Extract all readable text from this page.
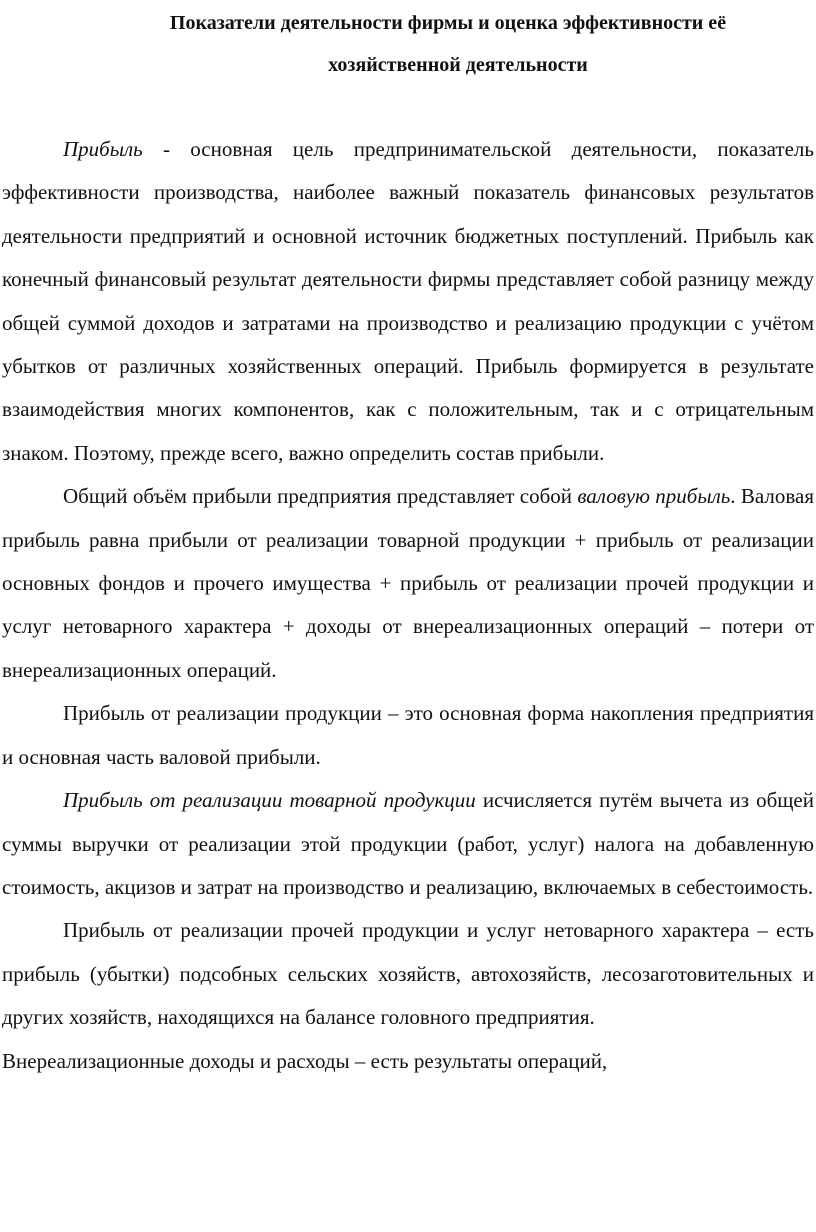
Показатели деятельности фирмы и оценка эффективности её
хозяйственной деятельности

Прибыль - основная цель предпринимательской деятельности, показатель эффективности производства, наиболее важный показатель финансовых результатов деятельности предприятий и основной источник бюджетных поступлений. Прибыль как конечный финансовый результат деятельности фирмы представляет собой разницу между общей суммой доходов и затратами на производство и реализацию продукции с учётом убытков от различных хозяйственных операций. Прибыль формируется в результате взаимодействия многих компонентов, как с положительным, так и с отрицательным знаком. Поэтому, прежде всего, важно определить состав прибыли.

Общий объём прибыли предприятия представляет собой валовую прибыль. Валовая прибыль равна прибыли от реализации товарной продукции + прибыль от реализации основных фондов и прочего имущества + прибыль от реализации прочей продукции и услуг нетоварного характера + доходы от внереализационных операций – потери от внереализационных операций.

Прибыль от реализации продукции – это основная форма накопления предприятия и основная часть валовой прибыли.

Прибыль от реализации товарной продукции исчисляется путём вычета из общей суммы выручки от реализации этой продукции (работ, услуг) налога на добавленную стоимость, акцизов и затрат на производство и реализацию, включаемых в себестоимость.

Прибыль от реализации прочей продукции и услуг нетоварного характера – есть прибыль (убытки) подсобных сельских хозяйств, автохозяйств, лесозаготовительных и других хозяйств, находящихся на балансе головного предприятия.

Внереализационные доходы и расходы – есть результаты операций,
